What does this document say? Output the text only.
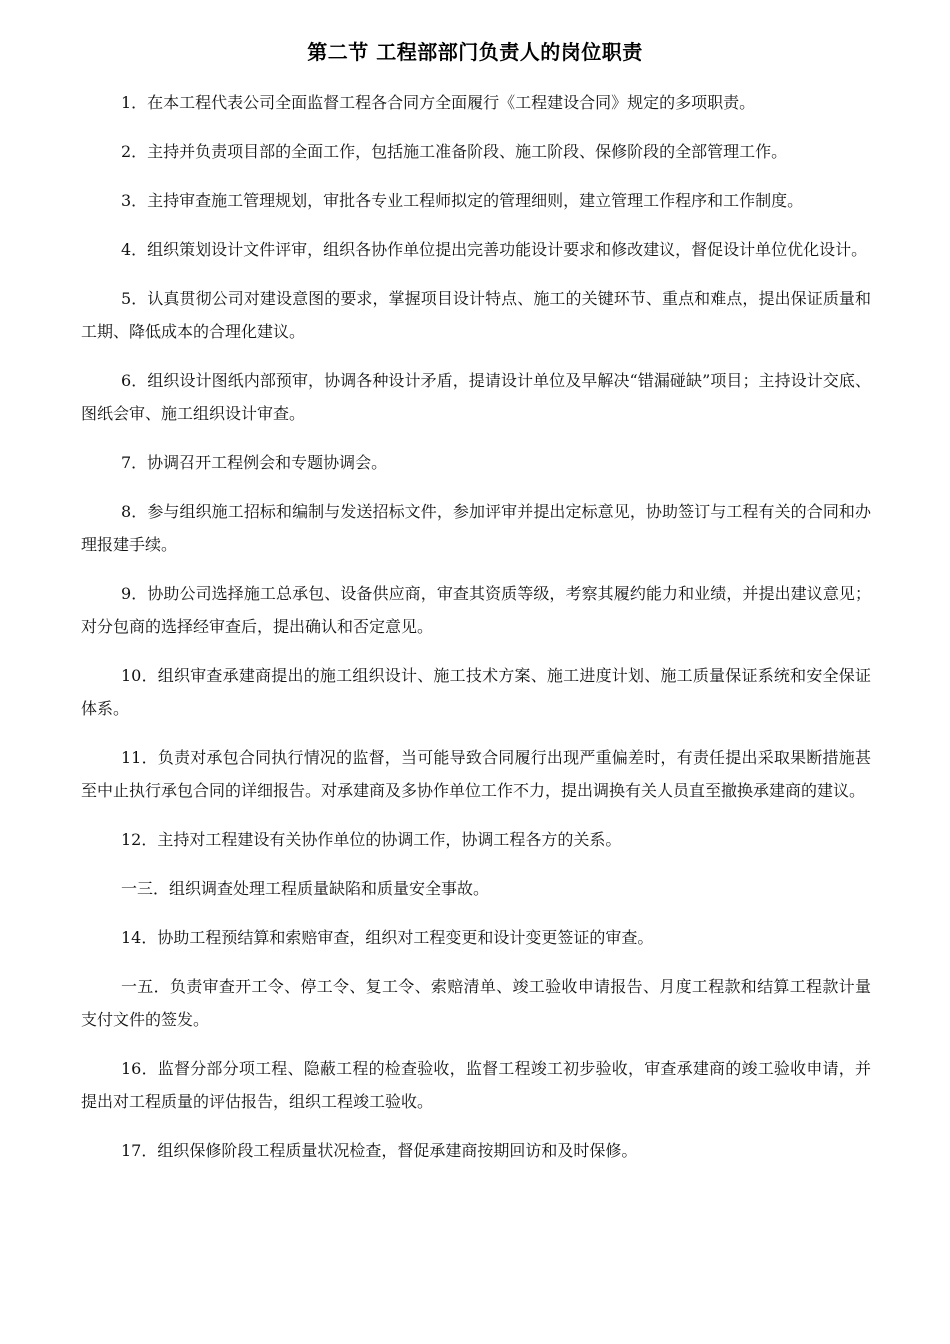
第二节 工程部部门负责人的岗位职责

1．在本工程代表公司全面监督工程各合同方全面履行《工程建设合同》规定的多项职责。

2．主持并负责项目部的全面工作，包括施工准备阶段、施工阶段、保修阶段的全部管理工作。

3．主持审查施工管理规划，审批各专业工程师拟定的管理细则，建立管理工作程序和工作制度。

4．组织策划设计文件评审，组织各协作单位提出完善功能设计要求和修改建议，督促设计单位优化设计。

5．认真贯彻公司对建设意图的要求，掌握项目设计特点、施工的关键环节、重点和难点，提出保证质量和工期、降低成本的合理化建议。

6．组织设计图纸内部预审，协调各种设计矛盾，提请设计单位及早解决“错漏碰缺”项目；主持设计交底、图纸会审、施工组织设计审查。

7．协调召开工程例会和专题协调会。

8．参与组织施工招标和编制与发送招标文件，参加评审并提出定标意见，协助签订与工程有关的合同和办理报建手续。

9．协助公司选择施工总承包、设备供应商，审查其资质等级，考察其履约能力和业绩，并提出建议意见；对分包商的选择经审查后，提出确认和否定意见。

10．组织审查承建商提出的施工组织设计、施工技术方案、施工进度计划、施工质量保证系统和安全保证体系。

11．负责对承包合同执行情况的监督，当可能导致合同履行出现严重偏差时，有责任提出采取果断措施甚至中止执行承包合同的详细报告。对承建商及多协作单位工作不力，提出调换有关人员直至撤换承建商的建议。

12．主持对工程建设有关协作单位的协调工作，协调工程各方的关系。

一三．组织调查处理工程质量缺陷和质量安全事故。

14．协助工程预结算和索赔审查，组织对工程变更和设计变更签证的审查。

一五．负责审查开工令、停工令、复工令、索赔清单、竣工验收申请报告、月度工程款和结算工程款计量支付文件的签发。

16．监督分部分项工程、隐蔽工程的检查验收，监督工程竣工初步验收，审查承建商的竣工验收申请，并提出对工程质量的评估报告，组织工程竣工验收。

17．组织保修阶段工程质量状况检查，督促承建商按期回访和及时保修。
